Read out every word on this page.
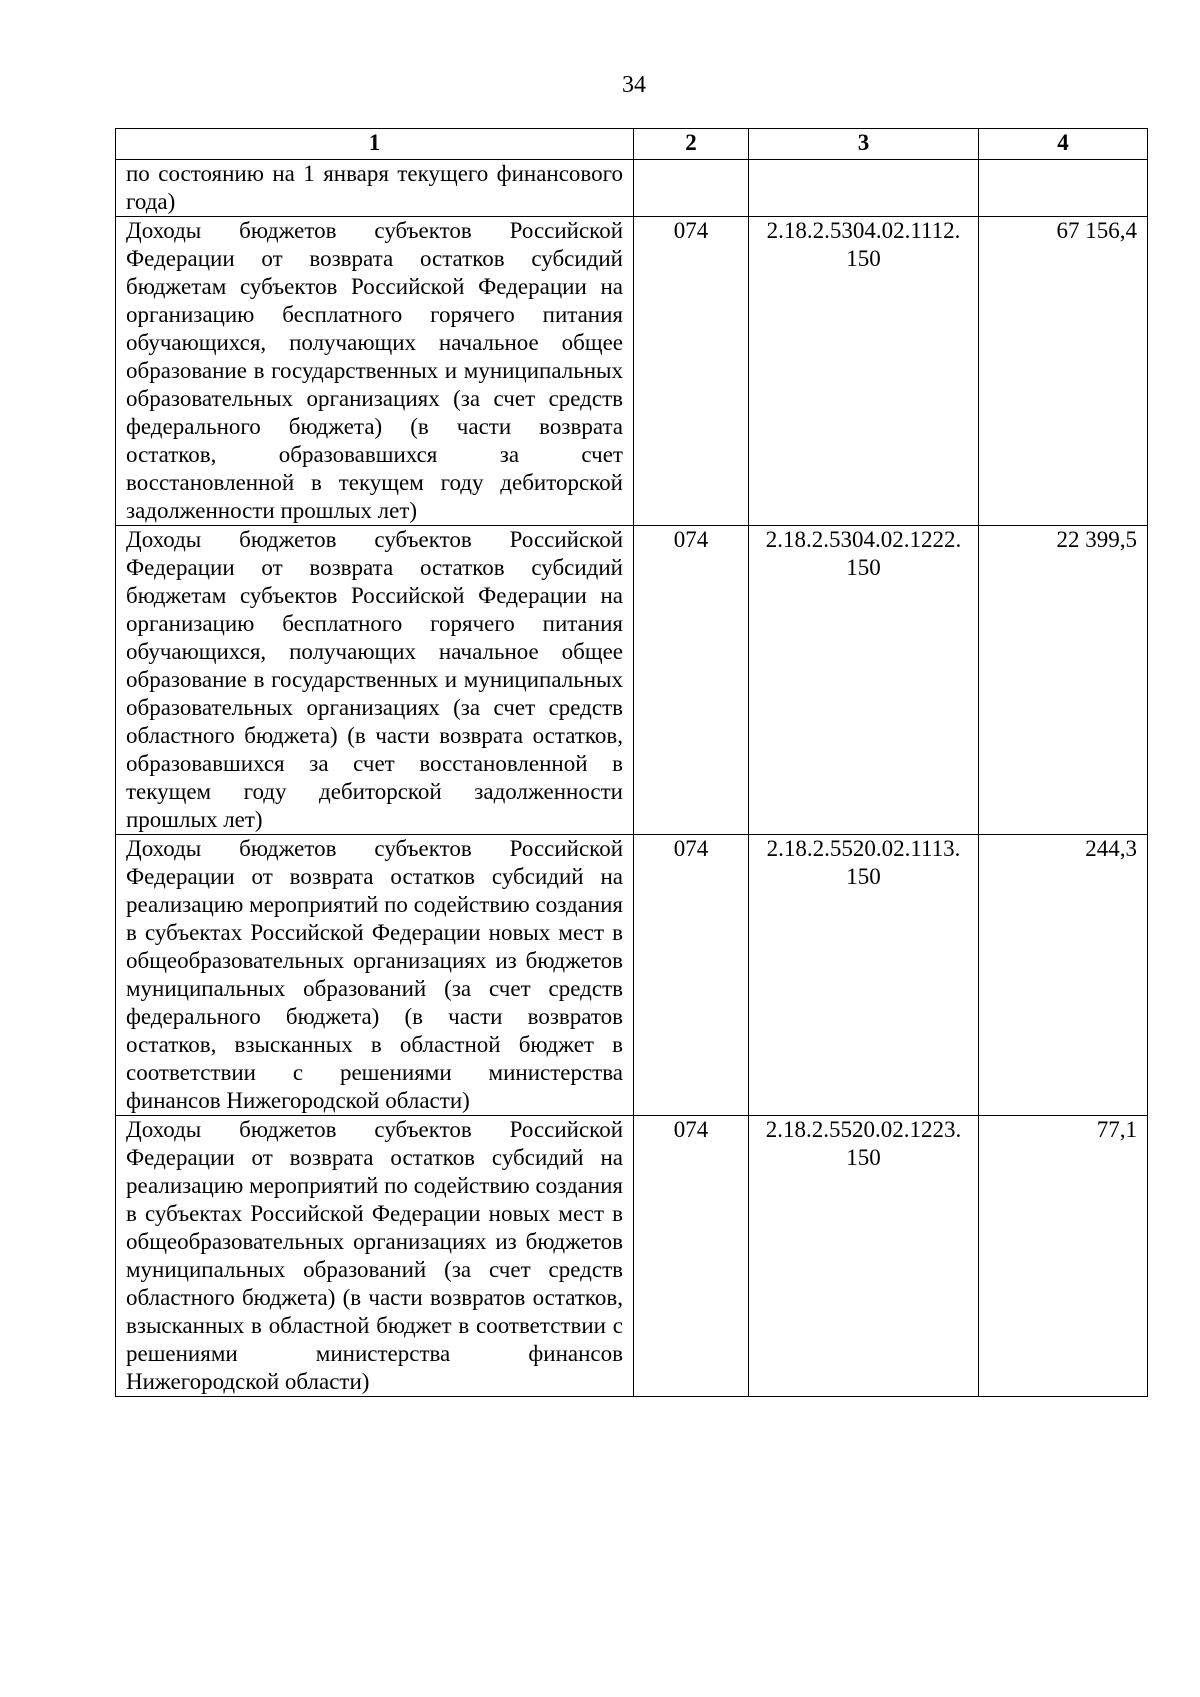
34
1	2	3	4
по состоянию на 1 января текущего финансового года)			
Доходы бюджетов субъектов Российской Федерации от возврата остатков субсидий бюджетам субъектов Российской Федерации на организацию бесплатного горячего питания обучающихся, получающих начальное общее образование в государственных и муниципальных образовательных организациях (за счет средств федерального бюджета) (в части возврата остатков, образовавшихся за счет восстановленной в текущем году дебиторской задолженности прошлых лет)	074	2.18.2.5304.02.1112. 150	67 156,4
Доходы бюджетов субъектов Российской Федерации от возврата остатков субсидий бюджетам субъектов Российской Федерации на организацию бесплатного горячего питания обучающихся, получающих начальное общее образование в государственных и муниципальных образовательных организациях (за счет средств областного бюджета) (в части возврата остатков, образовавшихся за счет восстановленной в текущем году дебиторской задолженности прошлых лет)	074	2.18.2.5304.02.1222. 150	22 399,5
Доходы бюджетов субъектов Российской Федерации от возврата остатков субсидий на реализацию мероприятий по содействию создания в субъектах Российской Федерации новых мест в общеобразовательных организациях из бюджетов муниципальных образований (за счет средств федерального бюджета) (в части возвратов остатков, взысканных в областной бюджет в соответствии с решениями министерства финансов Нижегородской области)	074	2.18.2.5520.02.1113. 150	244,3
Доходы бюджетов субъектов Российской Федерации от возврата остатков субсидий на реализацию мероприятий по содействию создания в субъектах Российской Федерации новых мест в общеобразовательных организациях из бюджетов муниципальных образований (за счет средств областного бюджета) (в части возвратов остатков, взысканных в областной бюджет в соответствии с решениями министерства финансов Нижегородской области)	074	2.18.2.5520.02.1223. 150	77,1
